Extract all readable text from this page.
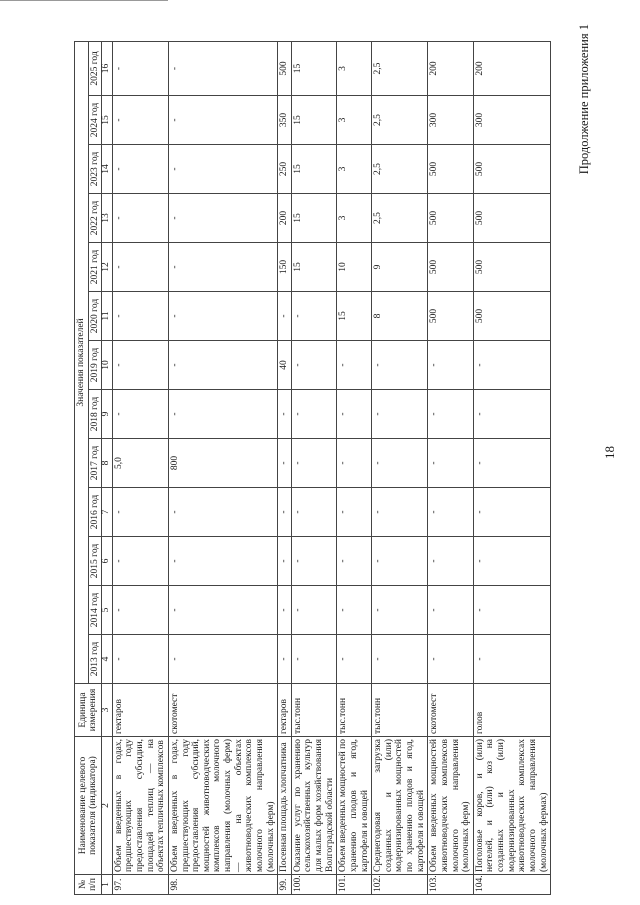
Продолжение приложения 1
№ п/п	Наименование целевого показателя (индикатора)	Единица измерения	Значения показателей												
			2013 год	2014 год	2015 год	2016 год	2017 год	2018 год	2019 год	2020 год	2021 год	2022 год	2023 год	2024 год	2025 год
1	2	3	4	5	6	7	8	9	10	11	12	13	14	15	16
97.	Объем введенных в годах, предшествующих году предоставления субсидии, площадей теплиц — на объектах тепличных комплексов	гектаров	-	-	-	-	5,0	-	-	-	-	-	-	-	-
98.	Объем введенных в годах, предшествующих году предоставления субсидий, мощностей животноводческих комплексов молочного направления (молочных ферм) — на объектах животноводческих комплексов молочного направления (молочных ферм)	скотомест	-	-	-	-	800	-	-	-	-	-	-	-	-
99.	Посевная площадь хлопчатника	гектаров	-	-	-	-	-	-	40	-	150	200	250	350	500
100.	Оказание услуг по хранению сельскохозяйственных культур для малых форм хозяйствования Волгоградской области	тыс.тонн	-	-	-	-	-	-	-	-	15	15	15	15	15
101.	Объем введенных мощностей по хранению плодов и ягод, картофеля и овощей	тыс.тонн	-	-	-	-	-	-	-	15	10	3	3	3	3
102.	Среднегодовая загрузка созданных и (или) модернизированных мощностей по хранению плодов и ягод, картофеля и овощей	тыс.тонн	-	-	-	-	-	-	-	8	9	2,5	2,5	2,5	2,5
103.	Объем введенных мощностей животноводческих комплексов молочного направления (молочных ферм)	скотомест	-	-	-	-	-	-	-	500	500	500	500	300	200
104.	Поголовье коров, и (или) нетелей, и (или) коз на созданных и (или) модернизированных животноводческих комплексах молочного направления (молочных фермах)	голов	-	-	-	-	-	-	-	500	500	500	500	300	200
18
